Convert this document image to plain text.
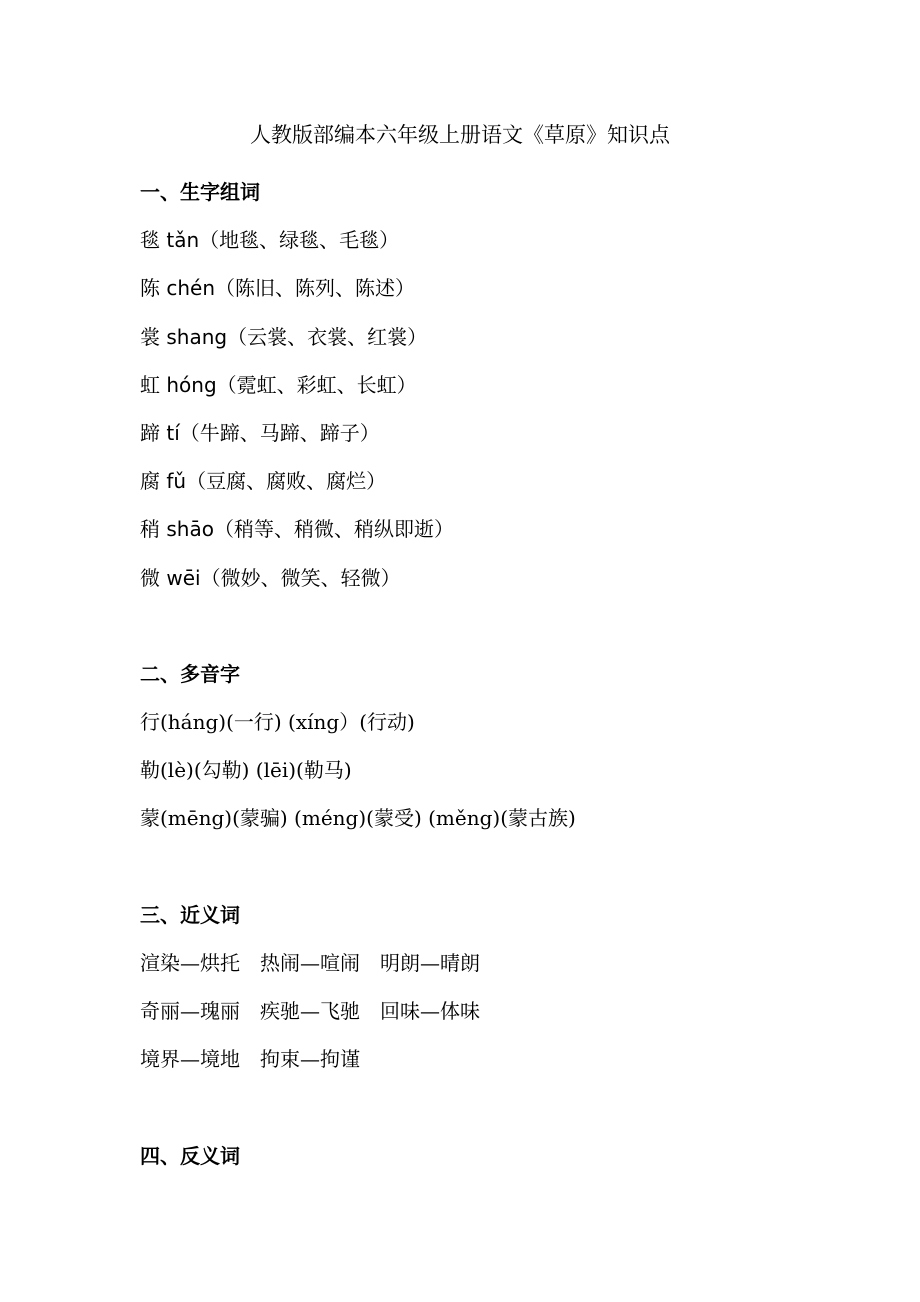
人教版部编本六年级上册语文《草原》知识点
一、生字组词
毯 tǎn（地毯、绿毯、毛毯）
陈 chén（陈旧、陈列、陈述）
裳 shang（云裳、衣裳、红裳）
虹 hóng（霓虹、彩虹、长虹）
蹄 tí（牛蹄、马蹄、蹄子）
腐 fǔ（豆腐、腐败、腐烂）
稍 shāo（稍等、稍微、稍纵即逝）
微 wēi（微妙、微笑、轻微）
二、多音字
行(háng)(一行) (xíng）(行动)
勒(lè)(勾勒) (lēi)(勒马)
蒙(mēng)(蒙骗) (méng)(蒙受) (měng)(蒙古族)
三、近义词
渲染—烘托 热闹—喧闹 明朗—晴朗
奇丽—瑰丽 疾驰—飞驰 回味—体味
境界—境地 拘束—拘谨
四、反义词
